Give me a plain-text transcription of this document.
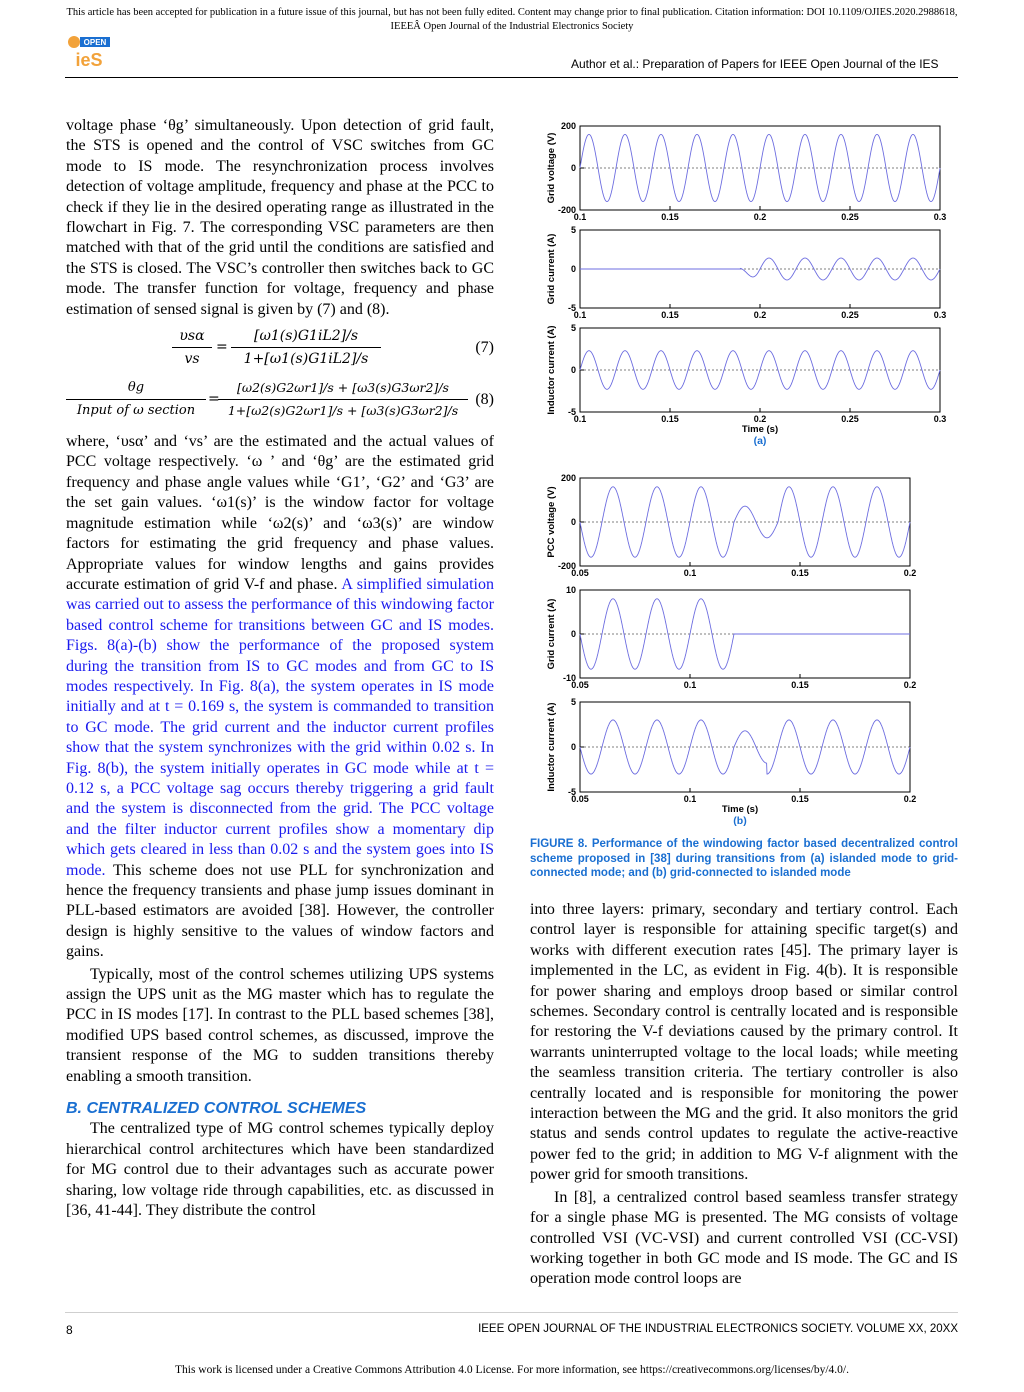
This article has been accepted for publication in a future issue of this journal, but has not been fully edited. Content may change prior to final publication. Citation information: DOI 10.1109/OJIES.2020.2988618,
IEEEÂ Open Journal of the Industrial Electronics Society
OPEN
ieS	Author et al.: Preparation of Papers for IEEE Open Journal of the IES

voltage phase ‘θg’ simultaneously. Upon detection of grid fault, the STS is opened and the control of VSC switches from GC mode to IS mode. The resynchronization process involves detection of voltage amplitude, frequency and phase at the PCC to check if they lie in the desired operating range as illustrated in the flowchart in Fig. 7. The corresponding VSC parameters are then matched with that of the grid until the conditions are satisfied and the STS is closed. The VSC’s controller then switches back to GC mode. The transfer function for voltage, frequency and phase estimation of sensed signal is given by (7) and (8).

υsα
vs
= $\frac{[\omega 1(s)G1iL2]/s}{1+[\omega 1(s)G1iL2]/s}$	(7)
θg
Input of ω section
=
$\frac{[\omega 2(s)G2\omega r1]/s + [\omega 3(s)G3\omega r2]/s}{1+[\omega 2(s)G2\omega r1]/s + [\omega 3(s)G3\omega r2]/s} (8)$

where, ‘υsα’ and ‘vs’ are the estimated and the actual values of PCC voltage respectively. ‘ω ’ and ‘θg’ are the estimated grid frequency and phase angle values while ‘G1’, ‘G2’ and ‘G3’ are the set gain values. ‘ω1(s)’ is the window factor for voltage magnitude estimation while ‘ω2(s)’ and ‘ω3(s)’ are window factors for estimating the grid frequency and phase values. Appropriate values for window lengths and gains provides accurate estimation of grid V-f and phase. A simplified simulation was carried out to assess the performance of this windowing factor based control scheme for transitions between GC and IS modes. Figs. 8(a)-(b) show the performance of the proposed system during the transition from IS to GC modes and from GC to IS modes respectively. In Fig. 8(a), the system operates in IS mode initially and at t = 0.169 s, the system is commanded to transition to GC mode. The grid current and the inductor current profiles show that the system synchronizes with the grid within 0.02 s. In Fig. 8(b), the system initially operates in GC mode while at t = 0.12 s, a PCC voltage sag occurs thereby triggering a grid fault and the system is disconnected from the grid. The PCC voltage and the filter inductor current profiles show a momentary dip which gets cleared in less than 0.02 s and the system goes into IS mode. This scheme does not use PLL for synchronization and hence the frequency transients and phase jump issues dominant in PLL-based estimators are avoided [38]. However, the controller design is highly sensitive to the values of window factors and gains.

Typically, most of the control schemes utilizing UPS systems assign the UPS unit as the MG master which has to regulate the PCC in IS modes [17]. In contrast to the PLL based schemes [38], modified UPS based control schemes, as discussed, improve the transient response of the MG to sudden transitions thereby enabling a smooth transition.

B. CENTRALIZED CONTROL SCHEMES

The centralized type of MG control schemes typically deploy hierarchical control architectures which have been standardized for MG control due to their advantages such as accurate power sharing, low voltage ride through capabilities, etc. as discussed in [36, 41-44]. They distribute the control

0.1	0.15	0.2	0.25	0.3
200
0
-200
Grid voltage (V)
0.1	0.15	0.2	0.25	0.3
5
0
-5
Grid current (A)
0.1	0.15	0.2	0.25	0.3
5
0
-5
Inductor current (A)
0.05	0.1	0.15	0.2
200
0
-200
PCC voltage (V)
0.05	0.1	0.15	0.2
10
0
-10
Grid current (A)
0.05	0.1	0.15	0.2
5
0
-5
Inductor current (A)
Time (s)
(a)
Time (s)
(b)
FIGURE 8. Performance of the windowing factor based decentralized control scheme proposed in [38] during transitions from (a) islanded mode to grid-connected mode; and (b) grid-connected to islanded mode

into three layers: primary, secondary and tertiary control. Each control layer is responsible for attaining specific target(s) and works with different execution rates [45]. The primary layer is implemented in the LC, as evident in Fig. 4(b). It is responsible for power sharing and employs droop based or similar control schemes. Secondary control is centrally located and is responsible for restoring the V-f deviations caused by the primary control. It warrants uninterrupted voltage to the local loads; while meeting the seamless transition criteria. The tertiary controller is also centrally located and is responsible for monitoring the power interaction between the MG and the grid. It also monitors the grid status and sends control updates to regulate the active-reactive power fed to the grid; in addition to MG V-f alignment with the power grid for smooth transitions.

In [8], a centralized control based seamless transfer strategy for a single phase MG is presented. The MG consists of voltage controlled VSI (VC-VSI) and current controlled VSI (CC-VSI) working together in both GC mode and IS mode. The GC and IS operation mode control loops are

8	IEEE OPEN JOURNAL OF THE INDUSTRIAL ELECTRONICS SOCIETY. VOLUME XX, 20XX
This work is licensed under a Creative Commons Attribution 4.0 License. For more information, see https://creativecommons.org/licenses/by/4.0/.
